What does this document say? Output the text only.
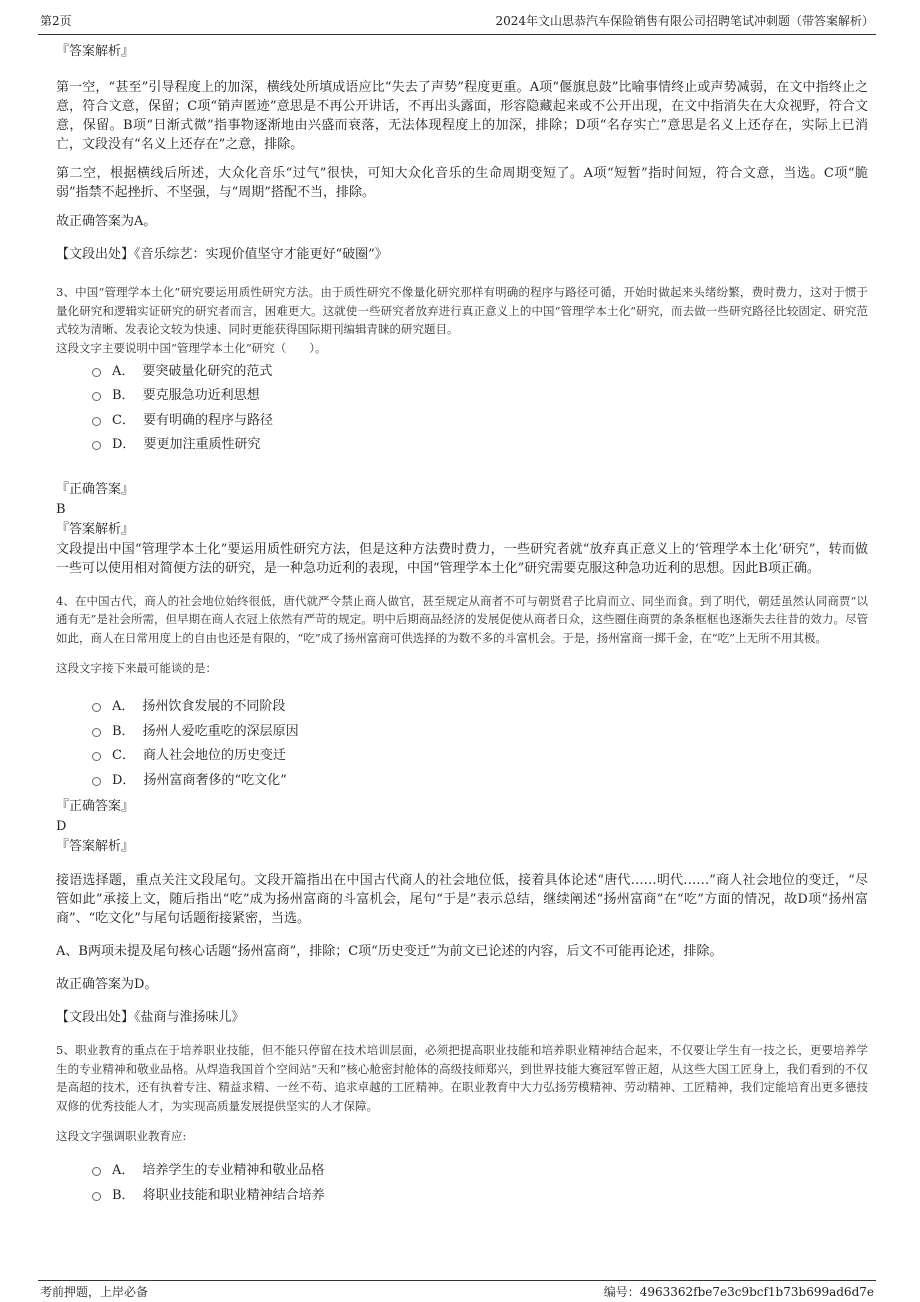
第2页	2024年文山思恭汽车保险销售有限公司招聘笔试冲刺题（带答案解析）
『答案解析』
第一空，“甚至”引导程度上的加深，横线处所填成语应比“失去了声势”程度更重。A项“偃旗息鼓”比喻事情终止或声势减弱，在文中指终止之意，符合文意，保留；C项“销声匿迹”意思是不再公开讲话，不再出头露面，形容隐藏起来或不公开出现，在文中指消失在大众视野，符合文意，保留。B项“日渐式微”指事物逐渐地由兴盛而衰落，无法体现程度上的加深，排除；D项“名存实亡”意思是名义上还存在，实际上已消亡，文段没有“名义上还存在”之意，排除。
第二空，根据横线后所述，大众化音乐“过气”很快，可知大众化音乐的生命周期变短了。A项“短暂”指时间短，符合文意，当选。C项“脆弱”指禁不起挫折、不坚强，与“周期”搭配不当，排除。
故正确答案为A。
【文段出处】《音乐综艺：实现价值坚守才能更好“破圈”》
3、中国“管理学本土化”研究要运用质性研究方法。由于质性研究不像量化研究那样有明确的程序与路径可循，开始时做起来头绪纷繁，费时费力，这对于惯于量化研究和逻辑实证研究的研究者而言，困难更大。这就使一些研究者放弃进行真正意义上的中国“管理学本土化”研究，而去做一些研究路径比较固定、研究范式较为清晰、发表论文较为快速、同时更能获得国际期刊编辑青睐的研究题目。
这段文字主要说明中国“管理学本土化”研究（　　）。
A． 要突破量化研究的范式
B． 要克服急功近利思想
C． 要有明确的程序与路径
D． 要更加注重质性研究
『正确答案』
B
『答案解析』
文段提出中国“管理学本土化”要运用质性研究方法，但是这种方法费时费力，一些研究者就“放弃真正意义上的‘管理学本土化’研究”，转而做一些可以使用相对简便方法的研究，是一种急功近利的表现，中国“管理学本土化”研究需要克服这种急功近利的思想。因此B项正确。
4、在中国古代，商人的社会地位始终很低，唐代就严令禁止商人做官，甚至规定从商者不可与朝贤君子比肩而立、同坐而食。到了明代，朝廷虽然认同商贾“以通有无”是社会所需，但早期在商人衣冠上依然有严苛的规定。明中后期商品经济的发展促使从商者日众，这些圈住商贾的条条框框也逐渐失去往昔的效力。尽管如此，商人在日常用度上的自由也还是有限的，“吃”成了扬州富商可供选择的为数不多的斗富机会。于是，扬州富商一掷千金，在“吃”上无所不用其极。
这段文字接下来最可能谈的是：
A． 扬州饮食发展的不同阶段
B． 扬州人爱吃重吃的深层原因
C． 商人社会地位的历史变迁
D． 扬州富商奢侈的“吃文化”
『正确答案』
D
『答案解析』
接语选择题，重点关注文段尾句。文段开篇指出在中国古代商人的社会地位低，接着具体论述“唐代……明代……”商人社会地位的变迁，“尽管如此”承接上文，随后指出“吃”成为扬州富商的斗富机会，尾句“于是”表示总结，继续阐述“扬州富商”在“吃”方面的情况，故D项“扬州富商”、“吃文化”与尾句话题衔接紧密，当选。
A、B两项未提及尾句核心话题“扬州富商”，排除；C项“历史变迁”为前文已论述的内容，后文不可能再论述，排除。
故正确答案为D。
【文段出处】《盐商与淮扬味儿》
5、职业教育的重点在于培养职业技能，但不能只停留在技术培训层面，必须把提高职业技能和培养职业精神结合起来，不仅要让学生有一技之长，更要培养学生的专业精神和敬业品格。从焊造我国首个空间站“天和”核心舱密封舱体的高级技师郑兴，到世界技能大赛冠军曾正超，从这些大国工匠身上，我们看到的不仅是高超的技术，还有执着专注、精益求精、一丝不苟、追求卓越的工匠精神。在职业教育中大力弘扬劳模精神、劳动精神、工匠精神，我们定能培育出更多德技双修的优秀技能人才，为实现高质量发展提供坚实的人才保障。
这段文字强调职业教育应:
A． 培养学生的专业精神和敬业品格
B． 将职业技能和职业精神结合培养
考前押题，上岸必备	编号：4963362fbe7e3c9bcf1b73b699ad6d7e
